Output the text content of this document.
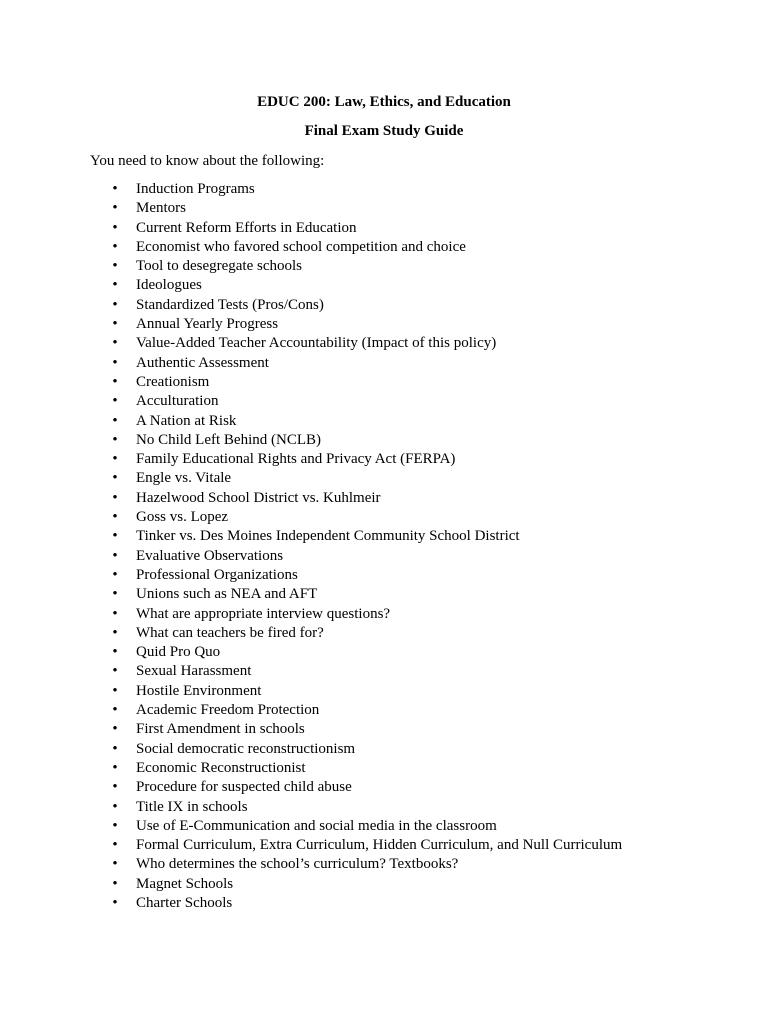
EDUC 200: Law, Ethics, and Education
Final Exam Study Guide
You need to know about the following:
• Induction Programs
• Mentors
• Current Reform Efforts in Education
• Economist who favored school competition and choice
• Tool to desegregate schools
• Ideologues
• Standardized Tests (Pros/Cons)
• Annual Yearly Progress
• Value-Added Teacher Accountability (Impact of this policy)
• Authentic Assessment
• Creationism
• Acculturation
• A Nation at Risk
• No Child Left Behind (NCLB)
• Family Educational Rights and Privacy Act (FERPA)
• Engle vs. Vitale
• Hazelwood School District vs. Kuhlmeir
• Goss vs. Lopez
• Tinker vs. Des Moines Independent Community School District
• Evaluative Observations
• Professional Organizations
• Unions such as NEA and AFT
• What are appropriate interview questions?
• What can teachers be fired for?
• Quid Pro Quo
• Sexual Harassment
• Hostile Environment
• Academic Freedom Protection
• First Amendment in schools
• Social democratic reconstructionism
• Economic Reconstructionist
• Procedure for suspected child abuse
• Title IX in schools
• Use of E-Communication and social media in the classroom
• Formal Curriculum, Extra Curriculum, Hidden Curriculum, and Null Curriculum
• Who determines the school’s curriculum? Textbooks?
• Magnet Schools
• Charter Schools
